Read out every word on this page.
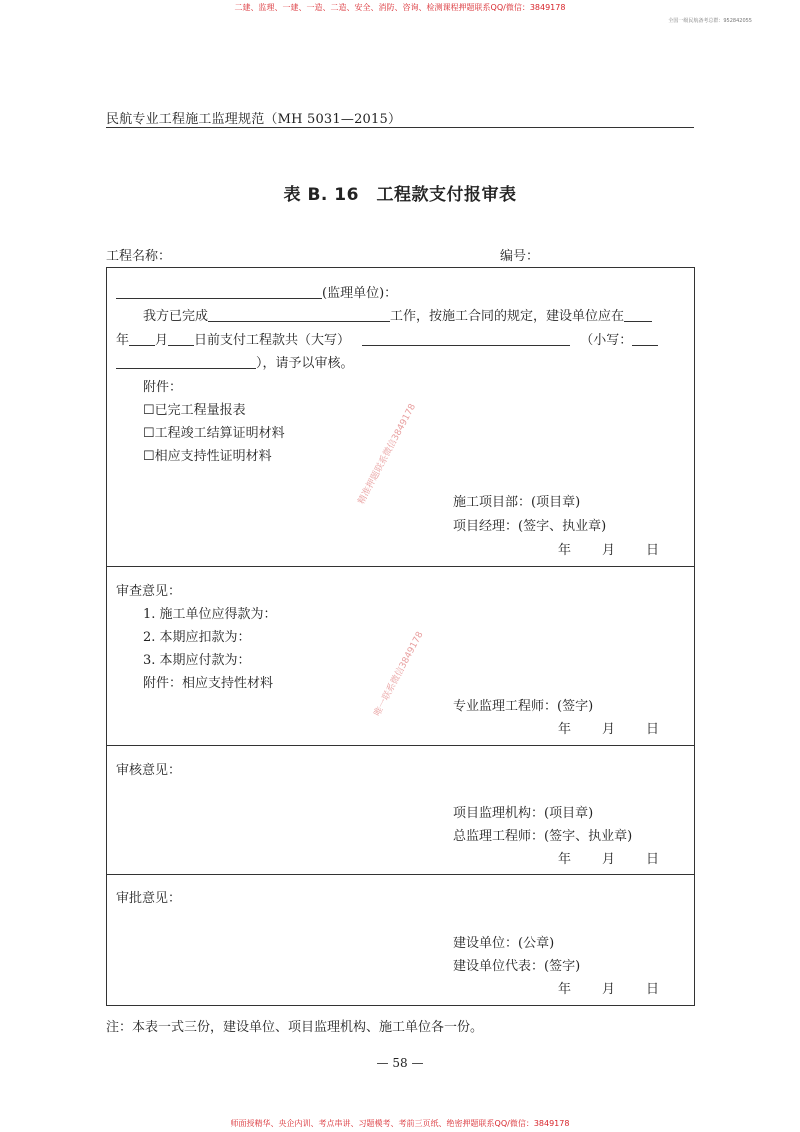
二建、监理、一建、一造、二造、安全、消防、咨询、检测课程押题联系QQ/微信：3849178
全国一级民航备考总群：952842055
民航专业工程施工监理规范（MH 5031—2015）
表 B. 16　工程款支付报审表
工程名称：	编号：
(监理单位)：
我方已完成	工作，按施工合同的规定，建设单位应在
年 月 日前支付工程款共（大写）	（小写：
），请予以审核。
附件：
☐已完工程量报表
☐工程竣工结算证明材料
☐相应支持性证明材料
施工项目部：(项目章)
项目经理：(签字、执业章)
年 月 日
审查意见：
1. 施工单位应得款为：
2. 本期应扣款为：
3. 本期应付款为：
附件：相应支持性材料
专业监理工程师：(签字)
年 月 日
审核意见：
项目监理机构：(项目章)
总监理工程师：(签字、执业章)
年 月 日
审批意见：
建设单位：(公章)
建设单位代表：(签字)
年 月 日
精准押题联系微信3849178
唯一联系微信3849178
注：本表一式三份，建设单位、项目监理机构、施工单位各一份。
— 58 —
师面授精华、央企内训、考点串讲、习题模考、考前三页纸、绝密押题联系QQ/微信：3849178
